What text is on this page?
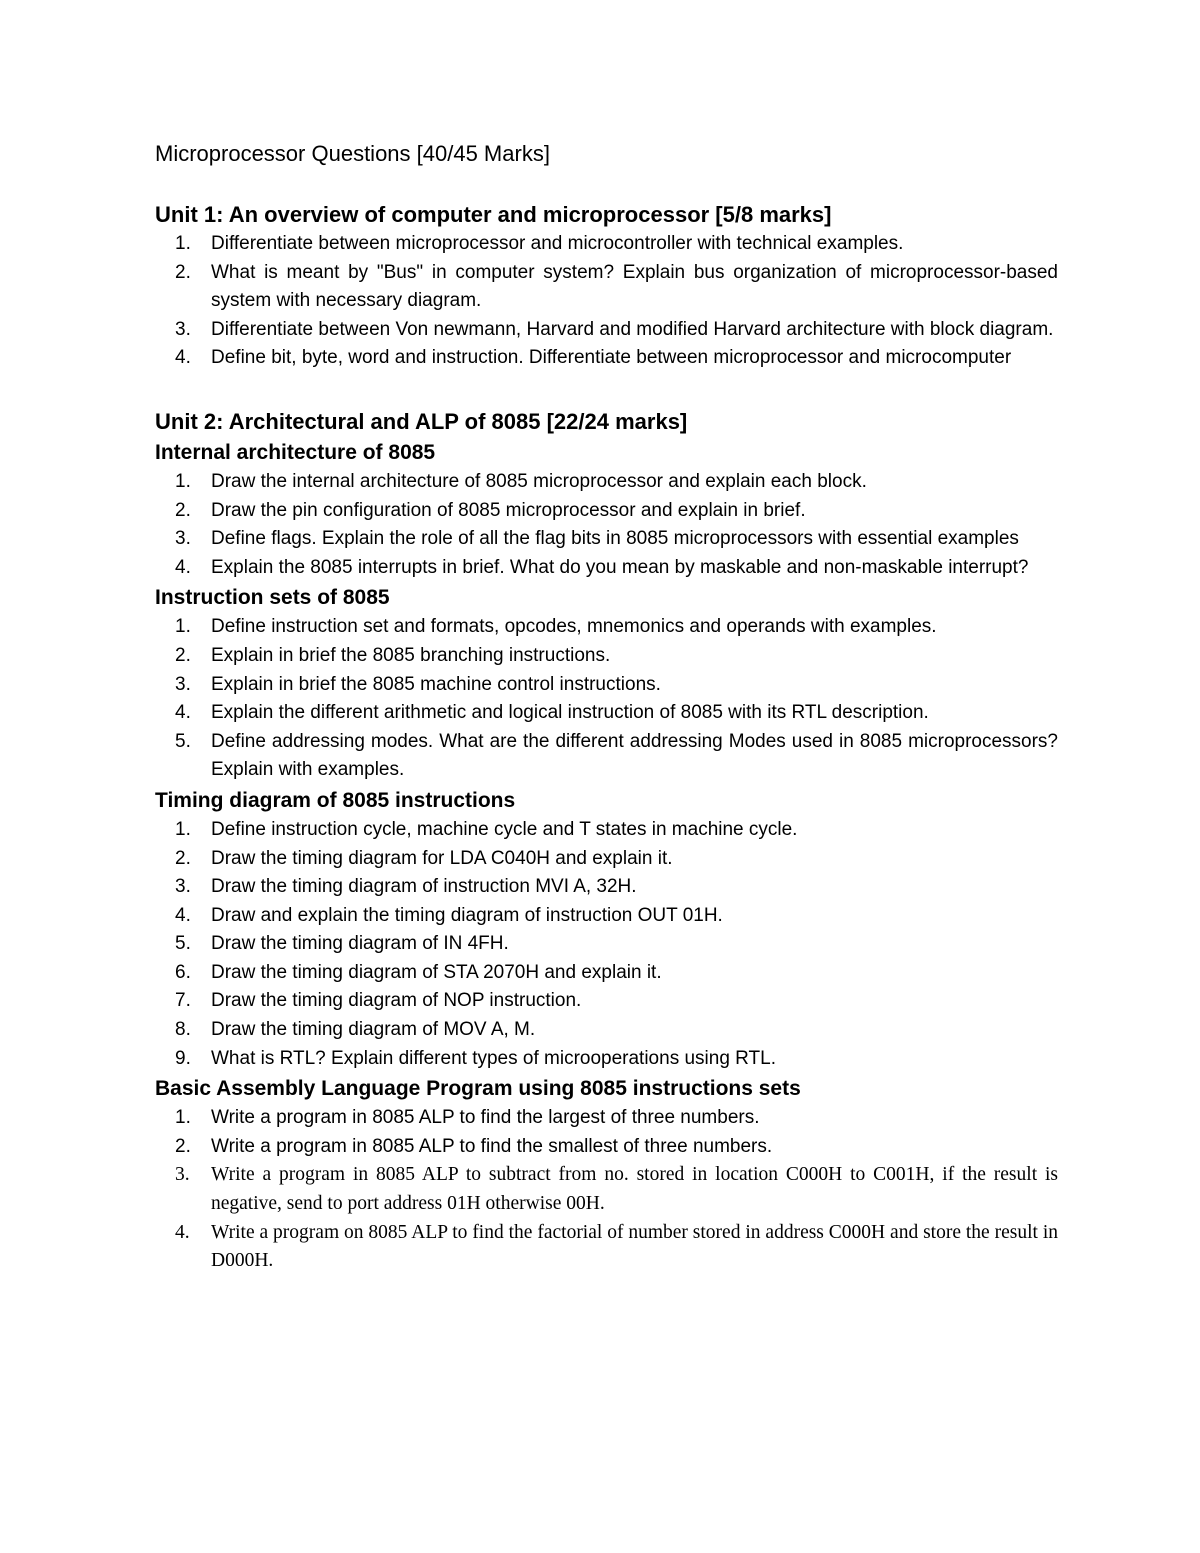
Microprocessor Questions [40/45 Marks]
Unit 1: An overview of computer and microprocessor [5/8 marks]
1.	Differentiate between microprocessor and microcontroller with technical examples.
2.	What is meant by "Bus" in computer system? Explain bus organization of microprocessor-based system with necessary diagram.
3.	Differentiate between Von newmann, Harvard and modified Harvard architecture with block diagram.
4.	Define bit, byte, word and instruction. Differentiate between microprocessor and microcomputer
Unit 2: Architectural and ALP of 8085 [22/24 marks]
Internal architecture of 8085
1.	Draw the internal architecture of 8085 microprocessor and explain each block.
2.	Draw the pin configuration of 8085 microprocessor and explain in brief.
3.	Define flags. Explain the role of all the flag bits in 8085 microprocessors with essential examples
4.	Explain the 8085 interrupts in brief. What do you mean by maskable and non-maskable interrupt?
Instruction sets of 8085
1.	Define instruction set and formats, opcodes, mnemonics and operands with examples.
2.	Explain in brief the 8085 branching instructions.
3.	Explain in brief the 8085 machine control instructions.
4.	Explain the different arithmetic and logical instruction of 8085 with its RTL description.
5.	Define addressing modes. What are the different addressing Modes used in 8085 microprocessors? Explain with examples.
Timing diagram of 8085 instructions
1.	Define instruction cycle, machine cycle and T states in machine cycle.
2.	Draw the timing diagram for LDA C040H and explain it.
3.	Draw the timing diagram of instruction MVI A, 32H.
4.	Draw and explain the timing diagram of instruction OUT 01H.
5.	Draw the timing diagram of IN 4FH.
6.	Draw the timing diagram of STA 2070H and explain it.
7.	Draw the timing diagram of NOP instruction.
8.	Draw the timing diagram of MOV A, M.
9.	What is RTL? Explain different types of microoperations using RTL.
Basic Assembly Language Program using 8085 instructions sets
1.	Write a program in 8085 ALP to find the largest of three numbers.
2.	Write a program in 8085 ALP to find the smallest of three numbers.
3.	Write a program in 8085 ALP to subtract from no. stored in location C000H to C001H, if the result is negative, send to port address 01H otherwise 00H.
4.	Write a program on 8085 ALP to find the factorial of number stored in address C000H and store the result in D000H.
